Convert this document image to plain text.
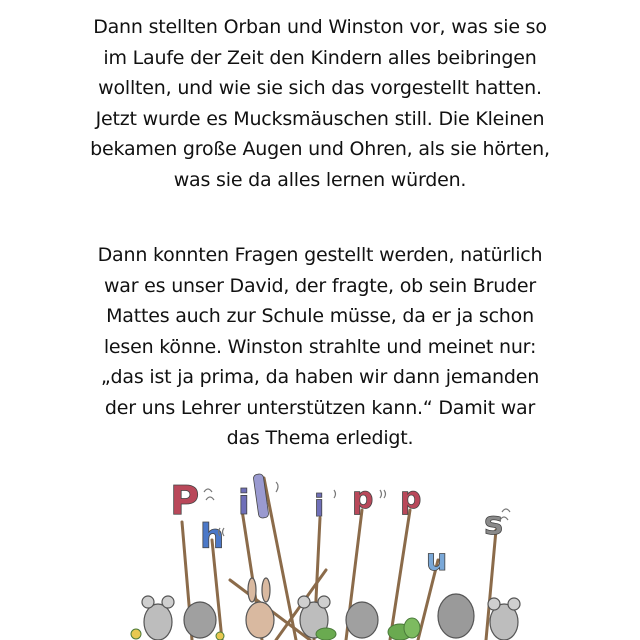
Dann stellten Orban und Winston vor, was sie so
im Laufe der Zeit den Kindern alles beibringen
wollten, und wie sie sich das vorgestellt hatten.
Jetzt wurde es Mucksmäuschen still. Die Kleinen
bekamen große Augen und Ohren, als sie hörten,
was sie da alles lernen würden.
Dann konnten Fragen gestellt werden, natürlich
war es unser David, der fragte, ob sein Bruder
Mattes auch zur Schule müsse, da er ja schon
lesen könne. Winston strahlte und meinet nur:
„das ist ja prima, da haben wir dann jemanden
der uns Lehrer unterstützen kann.“ Damit war
das Thema erledigt.
P
h
i i p p
u
s
